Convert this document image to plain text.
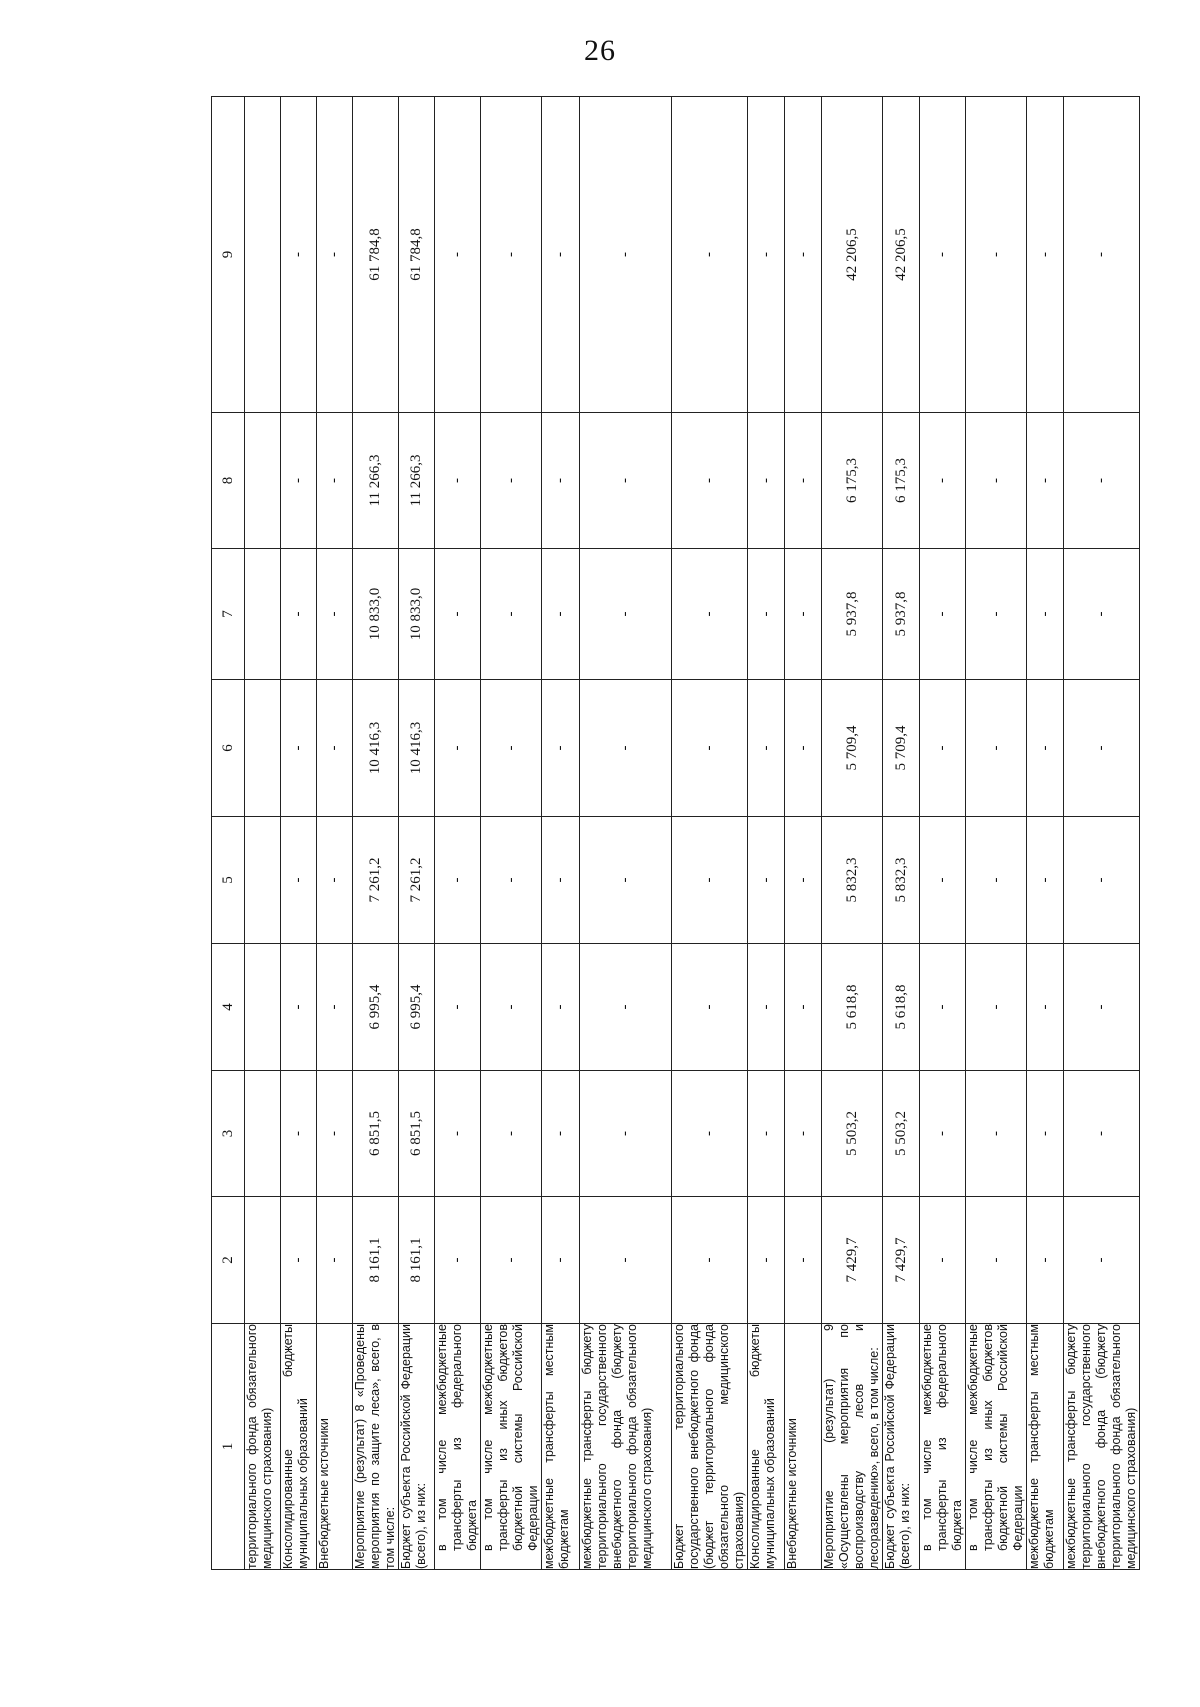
26
1	2	3	4	5	6	7	8	9
территориального фонда обязательного медицинского страхования)								
Консолидированные бюджеты муниципальных образований	-	-	-	-	-	-	-	-
Внебюджетные источники	-	-	-	-	-	-	-	-
Мероприятие (результат) 8 «Проведены мероприятия по защите леса», всего, в том числе:	8 161,1	6 851,5	6 995,4	7 261,2	10 416,3	10 833,0	11 266,3	61 784,8
Бюджет субъекта Российской Федерации (всего), из них:	8 161,1	6 851,5	6 995,4	7 261,2	10 416,3	10 833,0	11 266,3	61 784,8
в том числе межбюджетные трансферты из федерального бюджета	-	-	-	-	-	-	-	-
в том числе межбюджетные трансферты из иных бюджетов бюджетной системы Российской Федерации	-	-	-	-	-	-	-	-
межбюджетные трансферты местным бюджетам	-	-	-	-	-	-	-	-
межбюджетные трансферты бюджету территориального государственного внебюджетного фонда (бюджету территориального фонда обязательного медицинского страхования)	-	-	-	-	-	-	-	-
Бюджет территориального государственного внебюджетного фонда (бюджет территориального фонда обязательного медицинского страхования)	-	-	-	-	-	-	-	-
Консолидированные бюджеты муниципальных образований	-	-	-	-	-	-	-	-
Внебюджетные источники	-	-	-	-	-	-	-	-
Мероприятие (результат) 9 «Осуществлены мероприятия по воспроизводству лесов и лесоразведению», всего, в том числе:	7 429,7	5 503,2	5 618,8	5 832,3	5 709,4	5 937,8	6 175,3	42 206,5
Бюджет субъекта Российской Федерации (всего), из них:	7 429,7	5 503,2	5 618,8	5 832,3	5 709,4	5 937,8	6 175,3	42 206,5
в том числе межбюджетные трансферты из федерального бюджета	-	-	-	-	-	-	-	-
в том числе межбюджетные трансферты из иных бюджетов бюджетной системы Российской Федерации	-	-	-	-	-	-	-	-
межбюджетные трансферты местным бюджетам	-	-	-	-	-	-	-	-
межбюджетные трансферты бюджету территориального государственного внебюджетного фонда (бюджету территориального фонда обязательного медицинского страхования)	-	-	-	-	-	-	-	-
